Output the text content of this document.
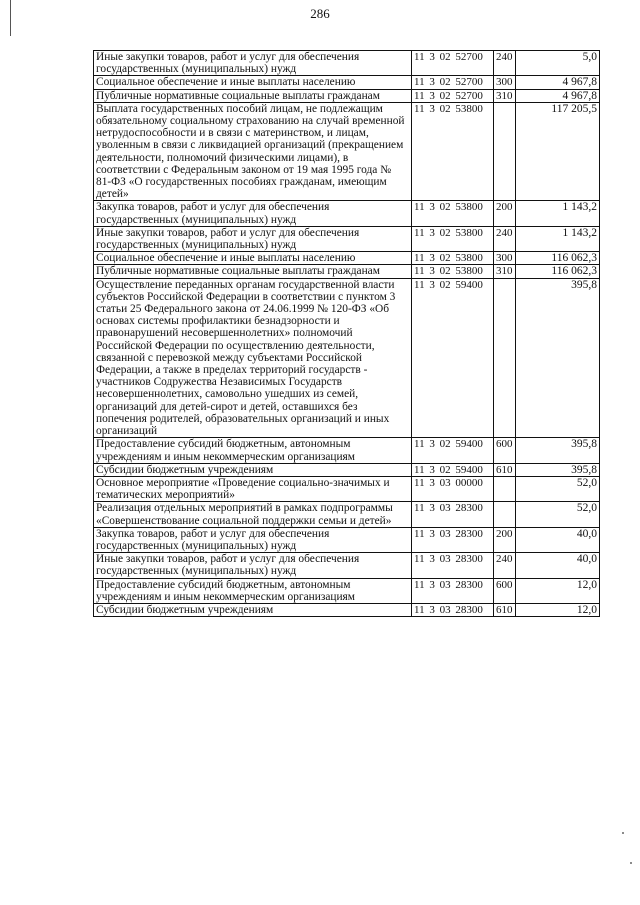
286
Иные закупки товаров, работ и услуг для обеспечения государственных (муниципальных) нужд	11 3 02 52700	240	5,0
Социальное обеспечение и иные выплаты населению	11 3 02 52700	300	4 967,8
Публичные нормативные социальные выплаты гражданам	11 3 02 52700	310	4 967,8
Выплата государственных пособий лицам, не подлежащим обязательному социальному страхованию на случай временной нетрудоспособности и в связи с материнством, и лицам, уволенным в связи с ликвидацией организаций (прекращением деятельности, полномочий физическими лицами), в соответствии с Федеральным законом от 19 мая 1995 года № 81-ФЗ «О государственных пособиях гражданам, имеющим детей»	11 3 02 53800		117 205,5
Закупка товаров, работ и услуг для обеспечения государственных (муниципальных) нужд	11 3 02 53800	200	1 143,2
Иные закупки товаров, работ и услуг для обеспечения государственных (муниципальных) нужд	11 3 02 53800	240	1 143,2
Социальное обеспечение и иные выплаты населению	11 3 02 53800	300	116 062,3
Публичные нормативные социальные выплаты гражданам	11 3 02 53800	310	116 062,3
Осуществление переданных органам государственной власти субъектов Российской Федерации в соответствии с пунктом 3 статьи 25 Федерального закона от 24.06.1999 № 120-ФЗ «Об основах системы профилактики безнадзорности и правонарушений несовершеннолетних» полномочий Российской Федерации по осуществлению деятельности, связанной с перевозкой между субъектами Российской Федерации, а также в пределах территорий государств - участников Содружества Независимых Государств несовершеннолетних, самовольно ушедших из семей, организаций для детей-сирот и детей, оставшихся без попечения родителей, образовательных организаций и иных организаций	11 3 02 59400		395,8
Предоставление субсидий бюджетным, автономным учреждениям и иным некоммерческим организациям	11 3 02 59400	600	395,8
Субсидии бюджетным учреждениям	11 3 02 59400	610	395,8
Основное мероприятие «Проведение социально-значимых и тематических мероприятий»	11 3 03 00000		52,0
Реализация отдельных мероприятий в рамках подпрограммы «Совершенствование социальной поддержки семьи и детей»	11 3 03 28300		52,0
Закупка товаров, работ и услуг для обеспечения государственных (муниципальных) нужд	11 3 03 28300	200	40,0
Иные закупки товаров, работ и услуг для обеспечения государственных (муниципальных) нужд	11 3 03 28300	240	40,0
Предоставление субсидий бюджетным, автономным учреждениям и иным некоммерческим организациям	11 3 03 28300	600	12,0
Субсидии бюджетным учреждениям	11 3 03 28300	610	12,0
